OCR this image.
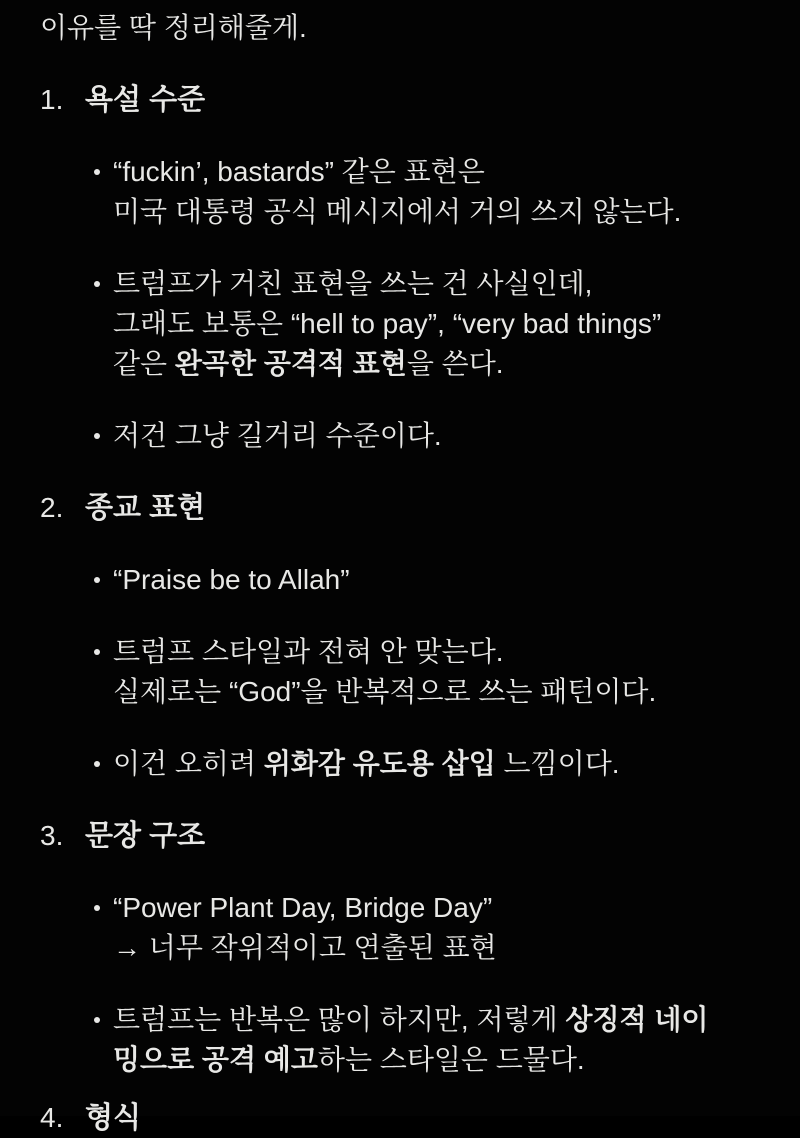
이유를 딱 정리해줄게.

1. 욕설 수준
“fuckin’, bastards” 같은 표현은
미국 대통령 공식 메시지에서 거의 쓰지 않는다.
트럼프가 거친 표현을 쓰는 건 사실인데,
그래도 보통은 “hell to pay”, “very bad things”
같은 완곡한 공격적 표현을 쓴다.
저건 그냥 길거리 수준이다.
2. 종교 표현
“Praise be to Allah”
트럼프 스타일과 전혀 안 맞는다.
실제로는 “God”을 반복적으로 쓰는 패턴이다.
이건 오히려 위화감 유도용 삽입 느낌이다.
3. 문장 구조
“Power Plant Day, Bridge Day”
→ 너무 작위적이고 연출된 표현
트럼프는 반복은 많이 하지만, 저렇게 상징적 네이
밍으로 공격 예고하는 스타일은 드물다.
4. 형식
